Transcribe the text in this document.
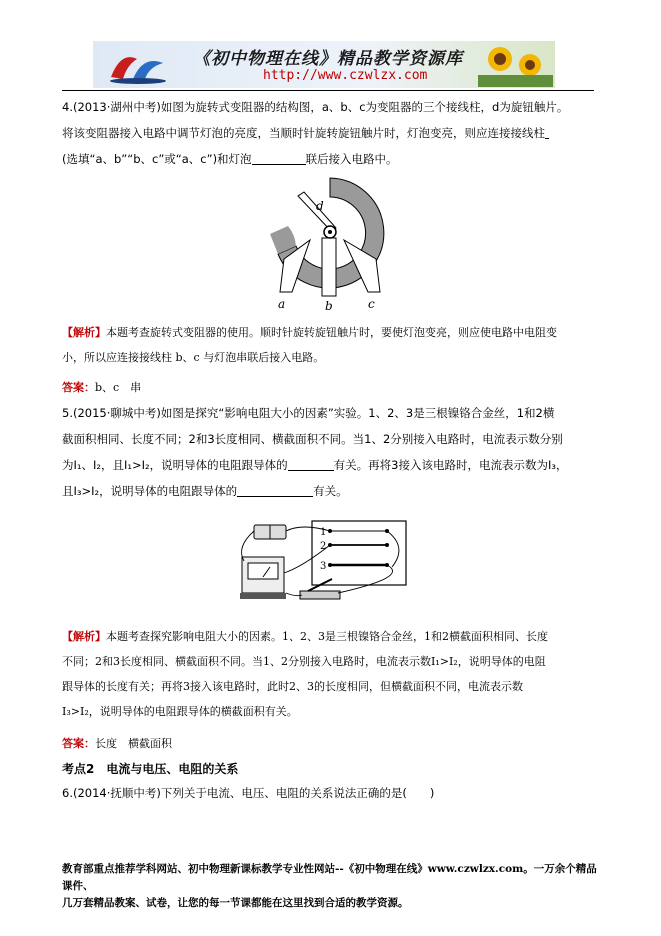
《初中物理在线》精品教学资源库
http://www.czwlzx.com
4.(2013·湖州中考)如图为旋转式变阻器的结构图，a、b、c为变阻器的三个接线柱，d为旋钮触片。
将该变阻器接入电路中调节灯泡的亮度，当顺时针旋转旋钮触片时，灯泡变亮，则应连接接线柱
(选填“a、b”“b、c”或“a、c”)和灯泡	联后接入电路中。
a	b	c
d
【解析】本题考查旋转式变阻器的使用。顺时针旋转旋钮触片时，要使灯泡变亮，则应使电路中电阻变
小，所以应连接接线柱 b、c 与灯泡串联后接入电路。
答案：b、c　串
5.(2015·聊城中考)如图是探究“影响电阻大小的因素”实验。1、2、3是三根镍铬合金丝，1和2横
截面积相同、长度不同；2和3长度相同、横截面积不同。当1、2分别接入电路时，电流表示数分别
为I₁、I₂，且I₁>I₂，说明导体的电阻跟导体的	有关。再将3接入该电路时，电流表示数为I₃，
且I₃>I₂，说明导体的电阻跟导体的	有关。
1
2
3
【解析】本题考查探究影响电阻大小的因素。1、2、3是三根镍铬合金丝，1和2横截面积相同、长度
不同；2和3长度相同、横截面积不同。当1、2分别接入电路时，电流表示数I₁>I₂，说明导体的电阻
跟导体的长度有关；再将3接入该电路时，此时2、3的长度相同，但横截面积不同，电流表示数
I₃>I₂，说明导体的电阻跟导体的横截面积有关。
答案：长度　横截面积
考点2　电流与电压、电阻的关系
6.(2014·抚顺中考)下列关于电流、电压、电阻的关系说法正确的是(　　)
教育部重点推荐学科网站、初中物理新课标教学专业性网站--《初中物理在线》www.czwlzx.com。一万余个精品课件、
几万套精品教案、试卷，让您的每一节课都能在这里找到合适的教学资源。
